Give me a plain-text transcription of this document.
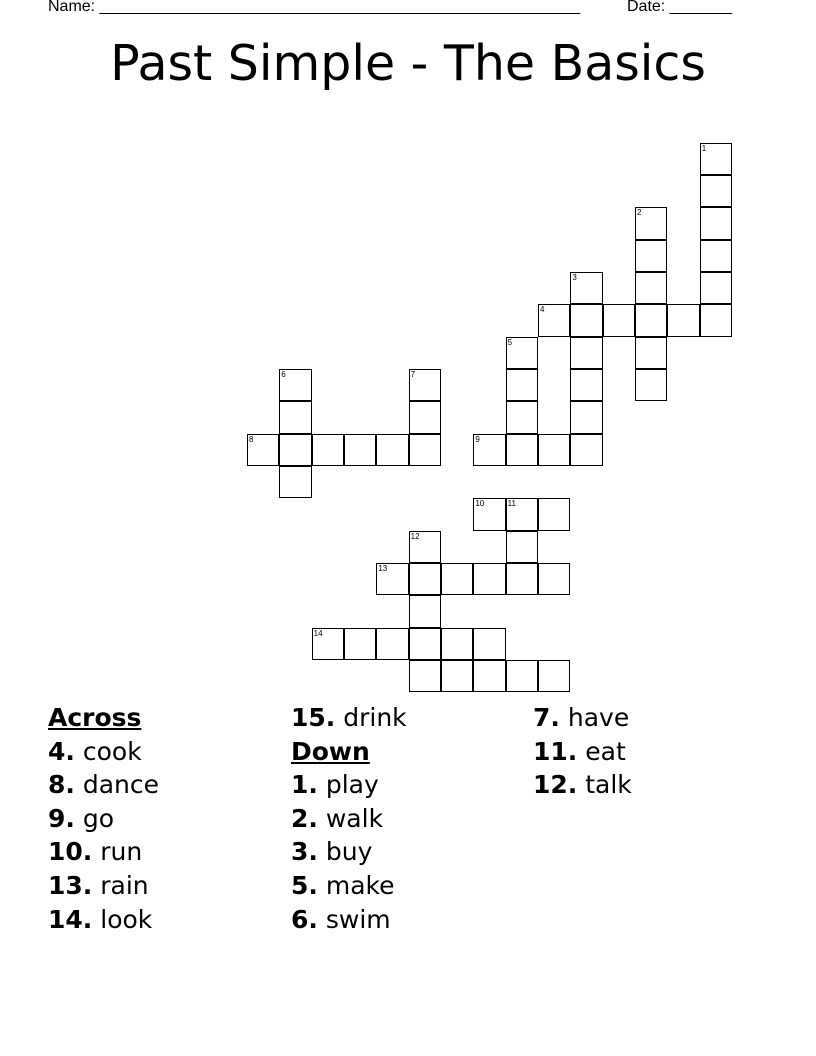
Name: ______________________________________________________	Date: _______
Past Simple - The Basics
1
2
3
4
5
6	7
8	9
10	11
12
13
14
Across
4. cook
8. dance
9. go
10. run
13. rain
14. look
15. drink
Down
1. play
2. walk
3. buy
5. make
6. swim
7. have
11. eat
12. talk
